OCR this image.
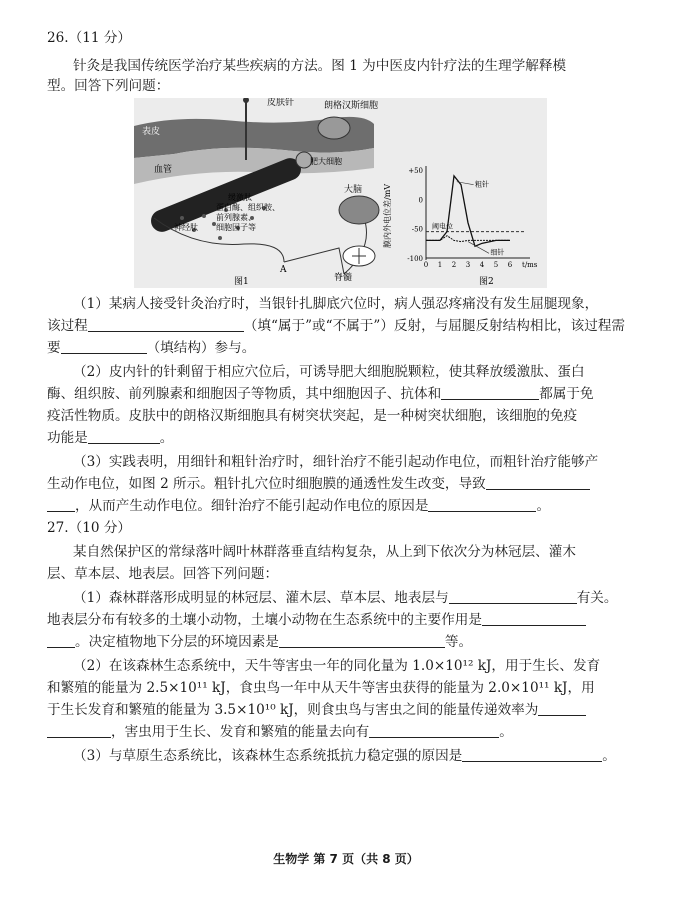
26.（11 分）
针灸是我国传统医学治疗某些疾病的方法。图 1 为中医皮内针疗法的生理学解释模
型。回答下列问题：
皮肤针	朗格汉斯细胞
表皮
血管
肥大细胞
缓激肽
蛋白酶、组织胺、
前列腺素、
细胞因子等
神经肽
大脑
A
脊髓
图1
膜内外电位差/mV
+50
0
-50
-100
0 1 2 3 4 5 6 t/ms
阈电位
粗针
细针
图2
（1）某病人接受针灸治疗时，当银针扎脚底穴位时，病人强忍疼痛没有发生屈腿现象，
该过程	（填“属于”或“不属于”）反射，与屈腿反射结构相比，该过程需
要	（填结构）参与。
（2）皮内针的针剩留于相应穴位后，可诱导肥大细胞脱颗粒，使其释放缓激肽、蛋白
酶、组织胺、前列腺素和细胞因子等物质，其中细胞因子、抗体和	都属于免
疫活性物质。皮肤中的朗格汉斯细胞具有树突状突起，是一种树突状细胞，该细胞的免疫
功能是	。
（3）实践表明，用细针和粗针治疗时，细针治疗不能引起动作电位，而粗针治疗能够产
生动作电位，如图 2 所示。粗针扎穴位时细胞膜的通透性发生改变，导致
，从而产生动作电位。细针治疗不能引起动作电位的原因是	。
27.（10 分）
某自然保护区的常绿落叶阔叶林群落垂直结构复杂，从上到下依次分为林冠层、灌木
层、草本层、地表层。回答下列问题：
（1）森林群落形成明显的林冠层、灌木层、草本层、地表层与	有关。
地表层分布有较多的土壤小动物，土壤小动物在生态系统中的主要作用是
。决定植物地下分层的环境因素是	等。
（2）在该森林生态系统中，天牛等害虫一年的同化量为 1.0×10¹² kJ，用于生长、发育
和繁殖的能量为 2.5×10¹¹ kJ，食虫鸟一年中从天牛等害虫获得的能量为 2.0×10¹¹ kJ，用
于生长发育和繁殖的能量为 3.5×10¹⁰ kJ，则食虫鸟与害虫之间的能量传递效率为
，害虫用于生长、发育和繁殖的能量去向有	。
（3）与草原生态系统比，该森林生态系统抵抗力稳定强的原因是	。
生物学 第 7 页（共 8 页）
